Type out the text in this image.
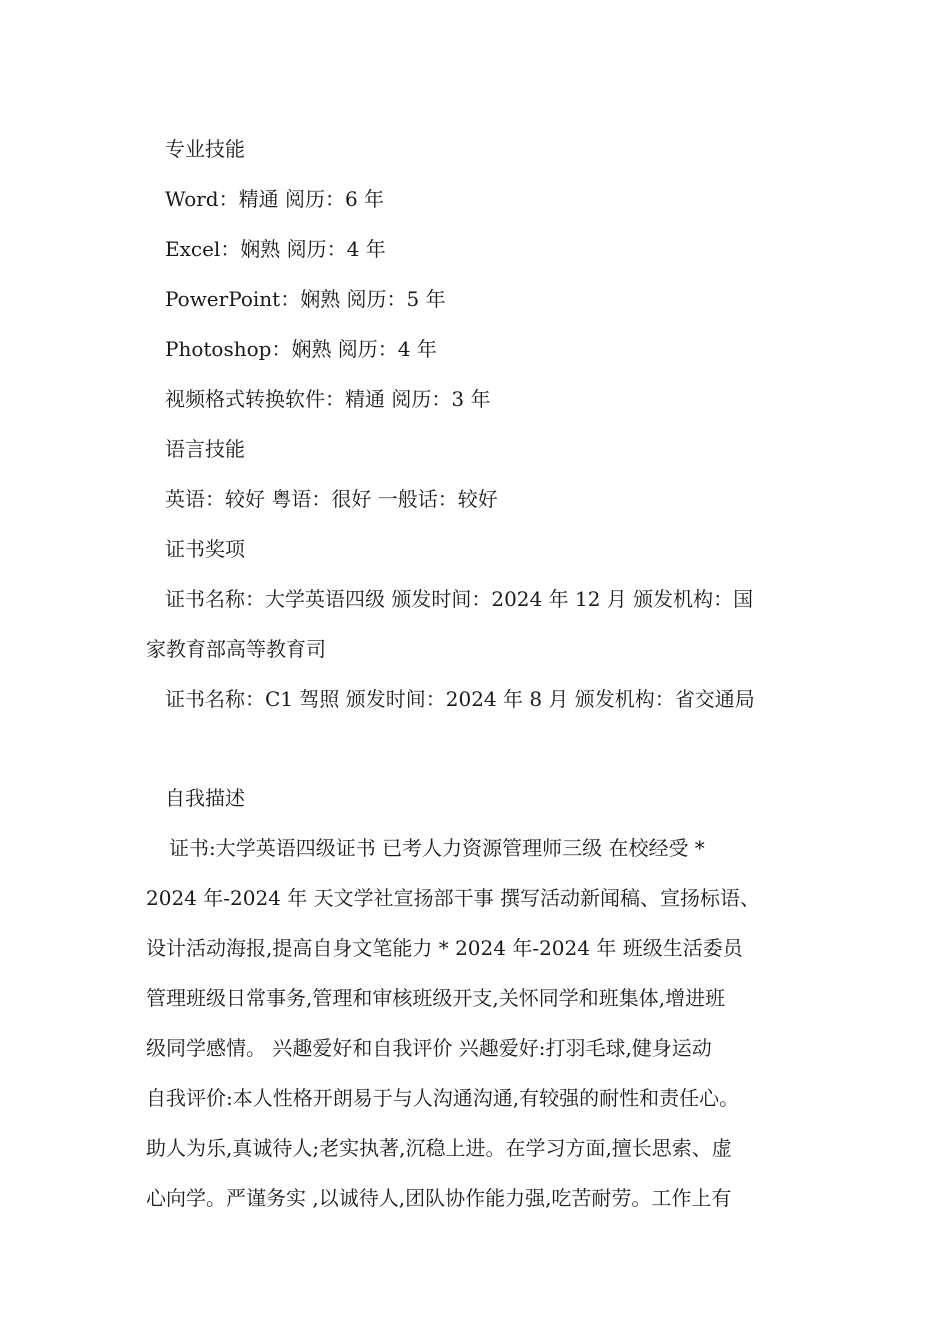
专业技能
Word：精通 阅历：6 年
Excel：娴熟 阅历：4 年
PowerPoint：娴熟 阅历：5 年
Photoshop：娴熟 阅历：4 年
视频格式转换软件：精通 阅历：3 年
语言技能
英语：较好 粤语：很好 一般话：较好
证书奖项
证书名称：大学英语四级 颁发时间：2024 年 12 月 颁发机构：国
家教育部高等教育司
证书名称：C1 驾照 颁发时间：2024 年 8 月 颁发机构：省交通局
自我描述
证书:大学英语四级证书 已考人力资源管理师三级 在校经受 *
2024 年-2024 年 天文学社宣扬部干事 撰写活动新闻稿、宣扬标语、
设计活动海报,提高自身文笔能力 * 2024 年-2024 年 班级生活委员
管理班级日常事务,管理和审核班级开支,关怀同学和班集体,增进班
级同学感情。 兴趣爱好和自我评价 兴趣爱好:打羽毛球,健身运动
自我评价:本人性格开朗易于与人沟通沟通,有较强的耐性和责任心。
助人为乐,真诚待人;老实执著,沉稳上进。在学习方面,擅长思索、虚
心向学。严谨务实 ,以诚待人,团队协作能力强,吃苦耐劳。工作上有
